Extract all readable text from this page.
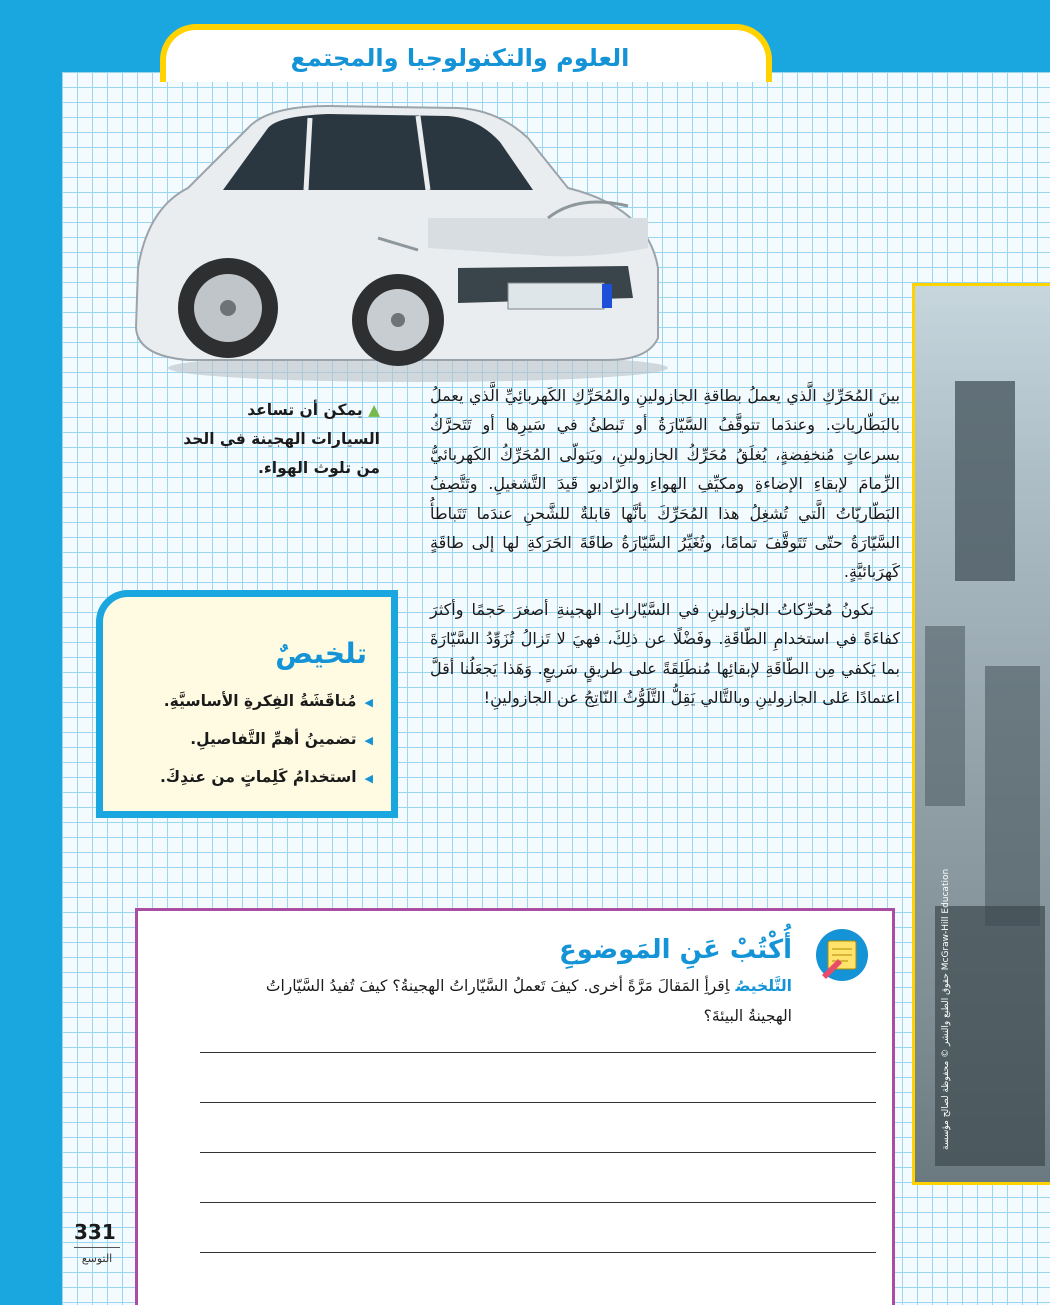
العلوم والتكنولوجيا والمجتمع
حقوق الطبع والنشر © محفوظة لصالح مؤسسة McGraw-Hill Education
▲ يمكن أن تساعد السيارات الهجينة في الحد من تلوث الهواء.

بينَ المُحَرِّكِ الَّذي يعملُ بطاقةِ الجازولينِ والمُحَرِّكِ الكَهربائِيِّ الَّذي يعملُ بالبَطّارياتِ. وعندَما تتوقَّفُ السَّيّارَةُ أو تَبطئُ في سَيرِها أو تَتَحرَّكُ بسرعاتٍ مُنخفِضةٍ، يُغلَقُ مُحَرِّكُ الجازولينِ، ويَتولّى المُحَرِّكُ الكَهربائيُّ الزِّمامَ لإبقاءِ الإضاءةِ ومكيِّفِ الهواءِ والرّاديو قَيدَ التَّشغيلِ. وتَتَّصِفُ البَطّاريّاتُ الَّتي تُشغِلُ هذا المُحَرِّكَ بأنَّها قابلةٌ للشَّحنِ عندَما تَتَباطأُ السَّيّارَةُ حتّى تَتَوقَّفَ تمامًا، وتُغَيِّرُ السَّيّارَةُ طاقَةَ الحَرَكةِ لها إلى طاقَةٍ كَهرَبائيَّةٍ.

تكونُ مُحرِّكاتُ الجازولينِ في السَّيّاراتِ الهجينةِ أصغرَ حَجمًا وأكثرَ كفاءَةً في استخدامِ الطّاقَةِ. وفَضْلًا عن ذلِكَ، فهيَ لا تَزالُ تُزَوِّدُ السَّيّارَةَ بما يَكفي مِن الطّاقَةِ لإبقائِها مُنطَلِقَةً على طريقٍ سَريعٍ. وَهَذا يَجعَلُنا أقلَّ اعتمادًا عَلى الجازولينِ وبالتَّالي يَقِلُّ التَّلَوُّثُ النّاتِجُ عن الجازولينِ!

تلخيصٌ
◀مُناقَشَةُ الفِكرةِ الأساسيَّةِ.
◀تضمينُ أهمِّ التَّفاصيلِ.
◀استخدامُ كَلِماتٍ من عندِكَ.
أُكْتُبْ عَنِ المَوضوعِ
التَّلخيصُاِقرأِ المَقالَ مَرَّةً أخرى. كيفَ تَعملُ السَّيّاراتُ الهجينةُ؟ كيفَ تُفيدُ السَّيّاراتُ الهجينةُ البيئةَ؟
331
التوسع
